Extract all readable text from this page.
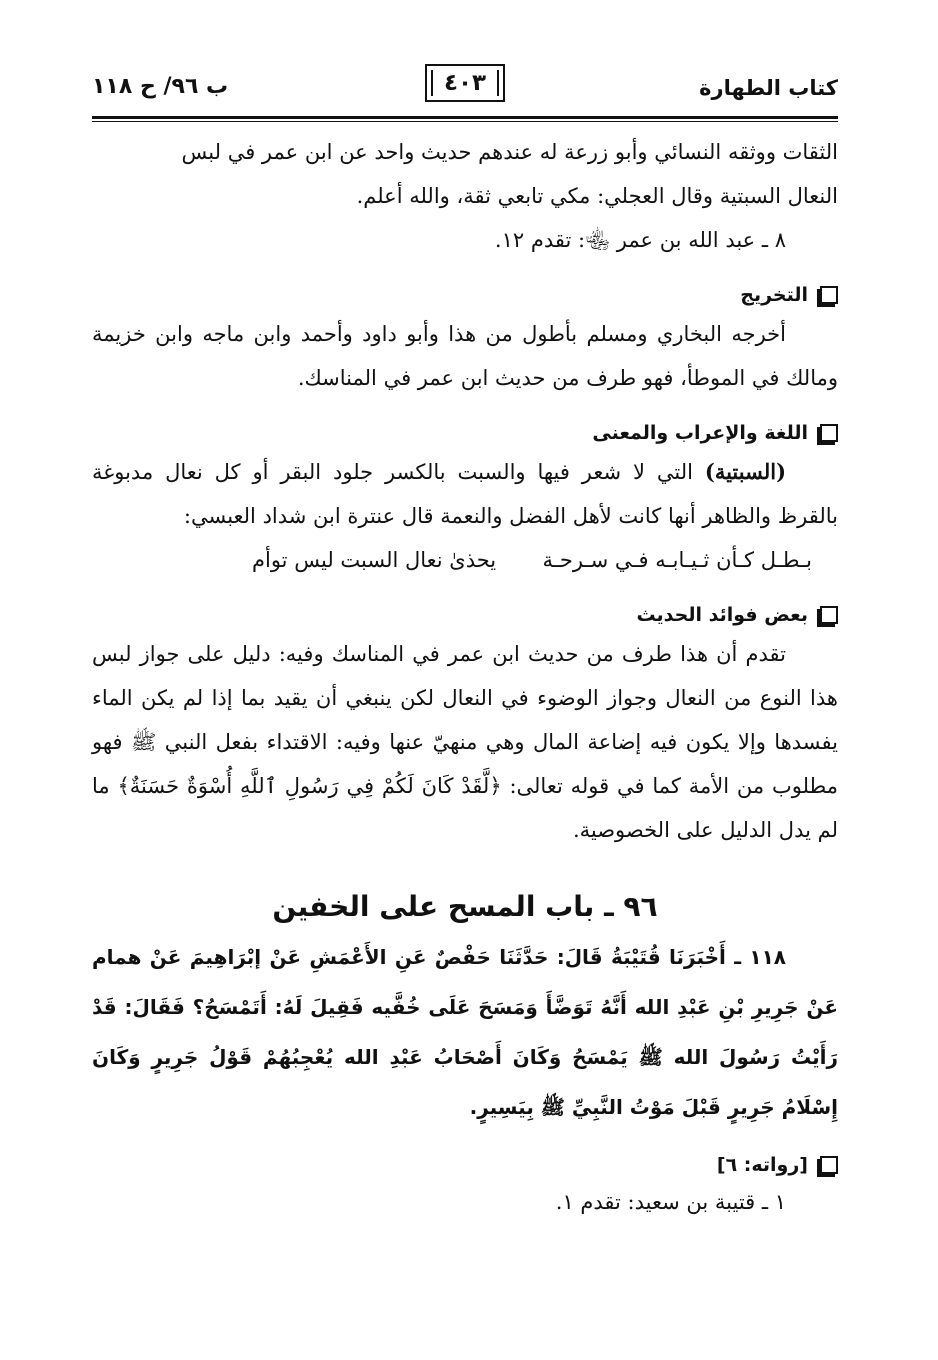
كتاب الطهارة
٤٠٣
ب ٩٦/ ح ١١٨

الثقات ووثقه النسائي وأبو زرعة له عندهم حديث واحد عن ابن عمر في لبس

النعال السبتية وقال العجلي: مكي تابعي ثقة، والله أعلم.

٨ ـ عبد الله بن عمر ﵄: تقدم ١٢.

التخريج

أخرجه البخاري ومسلم بأطول من هذا وأبو داود وأحمد وابن ماجه وابن خزيمة ومالك في الموطأ، فهو طرف من حديث ابن عمر في المناسك.

اللغة والإعراب والمعنى

(السبتية) التي لا شعر فيها والسبت بالكسر جلود البقر أو كل نعال مدبوغة بالقرظ والظاهر أنها كانت لأهل الفضل والنعمة قال عنترة ابن شداد العبسي:

بـطـل كـأن ثـيـابـه فـي سـرحـة
يحذىٰ نعال السبت ليس توأم
بعض فوائد الحديث

تقدم أن هذا طرف من حديث ابن عمر في المناسك وفيه: دليل على جواز لبس هذا النوع من النعال وجواز الوضوء في النعال لكن ينبغي أن يقيد بما إذا لم يكن الماء يفسدها وإلا يكون فيه إضاعة المال وهي منهيّ عنها وفيه: الاقتداء بفعل النبي ﷺ فهو مطلوب من الأمة كما في قوله تعالى: ﴿لَّقَدْ كَانَ لَكُمْ فِي رَسُولِ ٱللَّهِ أُسْوَةٌ حَسَنَةٌ﴾ ما لم يدل الدليل على الخصوصية.

٩٦ ـ باب المسح على الخفين

١١٨ ـ أَخْبَرَنَا قُتَيْبَةُ قَالَ: حَدَّثَنَا حَفْصٌ عَنِ الأَعْمَشِ عَنْ إبْرَاهِيمَ عَنْ همام عَنْ جَرِيرِ بْنِ عَبْدِ الله أَنَّهُ تَوَضَّأَ وَمَسَحَ عَلَى خُفَّيه فَقِيلَ لَهُ: أَتَمْسَحُ؟ فَقَالَ: قَدْ رَأَيْتُ رَسُولَ الله ﷺ يَمْسَحُ وَكَانَ أَصْحَابُ عَبْدِ الله يُعْجِبُهُمْ قَوْلُ جَرِيرٍ وَكَانَ إِسْلَامُ جَرِيرٍ قَبْلَ مَوْتُ النَّبِيِّ ﷺ بِيَسِيرٍ.

[رواته: ٦]

١ ـ قتيبة بن سعيد: تقدم ١.
